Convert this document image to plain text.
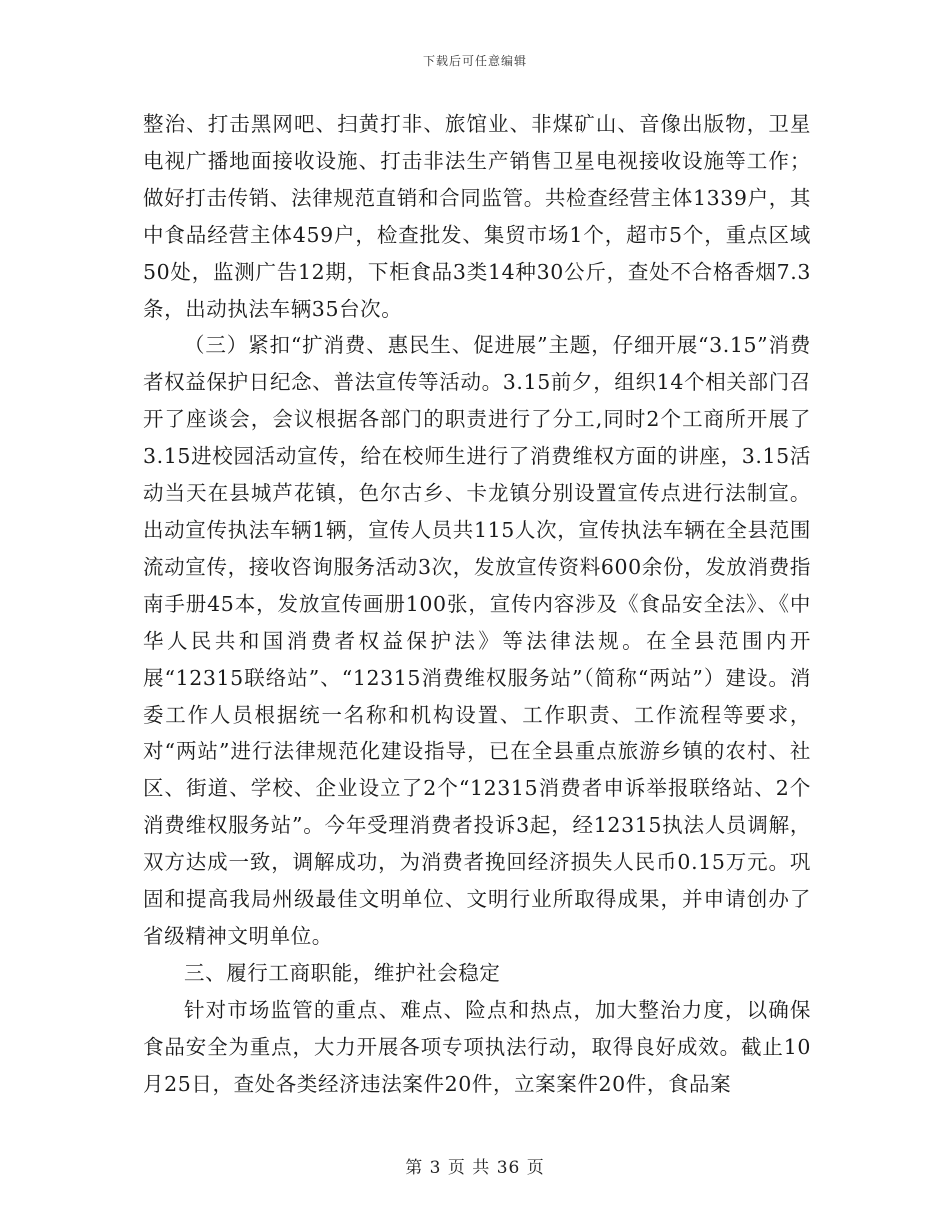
下载后可任意编辑

整治、打击黑网吧、扫黄打非、旅馆业、非煤矿山、音像出版物，卫星电视广播地面接收设施、打击非法生产销售卫星电视接收设施等工作；做好打击传销、法律规范直销和合同监管。共检查经营主体1339户，其中食品经营主体459户，检查批发、集贸市场1个，超市5个，重点区域50处，监测广告12期，下柜食品3类14种30公斤，查处不合格香烟7.3条，出动执法车辆35台次。

（三）紧扣“扩消费、惠民生、促进展”主题，仔细开展“3.15”消费者权益保护日纪念、普法宣传等活动。3.15前夕，组织14个相关部门召开了座谈会，会议根据各部门的职责进行了分工,同时2个工商所开展了3.15进校园活动宣传，给在校师生进行了消费维权方面的讲座，3.15活动当天在县城芦花镇，色尔古乡、卡龙镇分别设置宣传点进行法制宣。出动宣传执法车辆1辆，宣传人员共115人次，宣传执法车辆在全县范围流动宣传，接收咨询服务活动3次，发放宣传资料600余份，发放消费指南手册45本，发放宣传画册100张，宣传内容涉及《食品安全法》、《中华人民共和国消费者权益保护法》等法律法规。在全县范围内开展“12315联络站”、“12315消费维权服务站”（简称“两站”）建设。消委工作人员根据统一名称和机构设置、工作职责、工作流程等要求，对“两站”进行法律规范化建设指导，已在全县重点旅游乡镇的农村、社区、街道、学校、企业设立了2个“12315消费者申诉举报联络站、2个消费维权服务站”。今年受理消费者投诉3起，经12315执法人员调解，双方达成一致，调解成功，为消费者挽回经济损失人民币0.15万元。巩固和提高我局州级最佳文明单位、文明行业所取得成果，并申请创办了省级精神文明单位。

三、履行工商职能，维护社会稳定

针对市场监管的重点、难点、险点和热点，加大整治力度，以确保食品安全为重点，大力开展各项专项执法行动，取得良好成效。截止10月25日，查处各类经济违法案件20件，立案案件20件，食品案

第 3 页 共 36 页
